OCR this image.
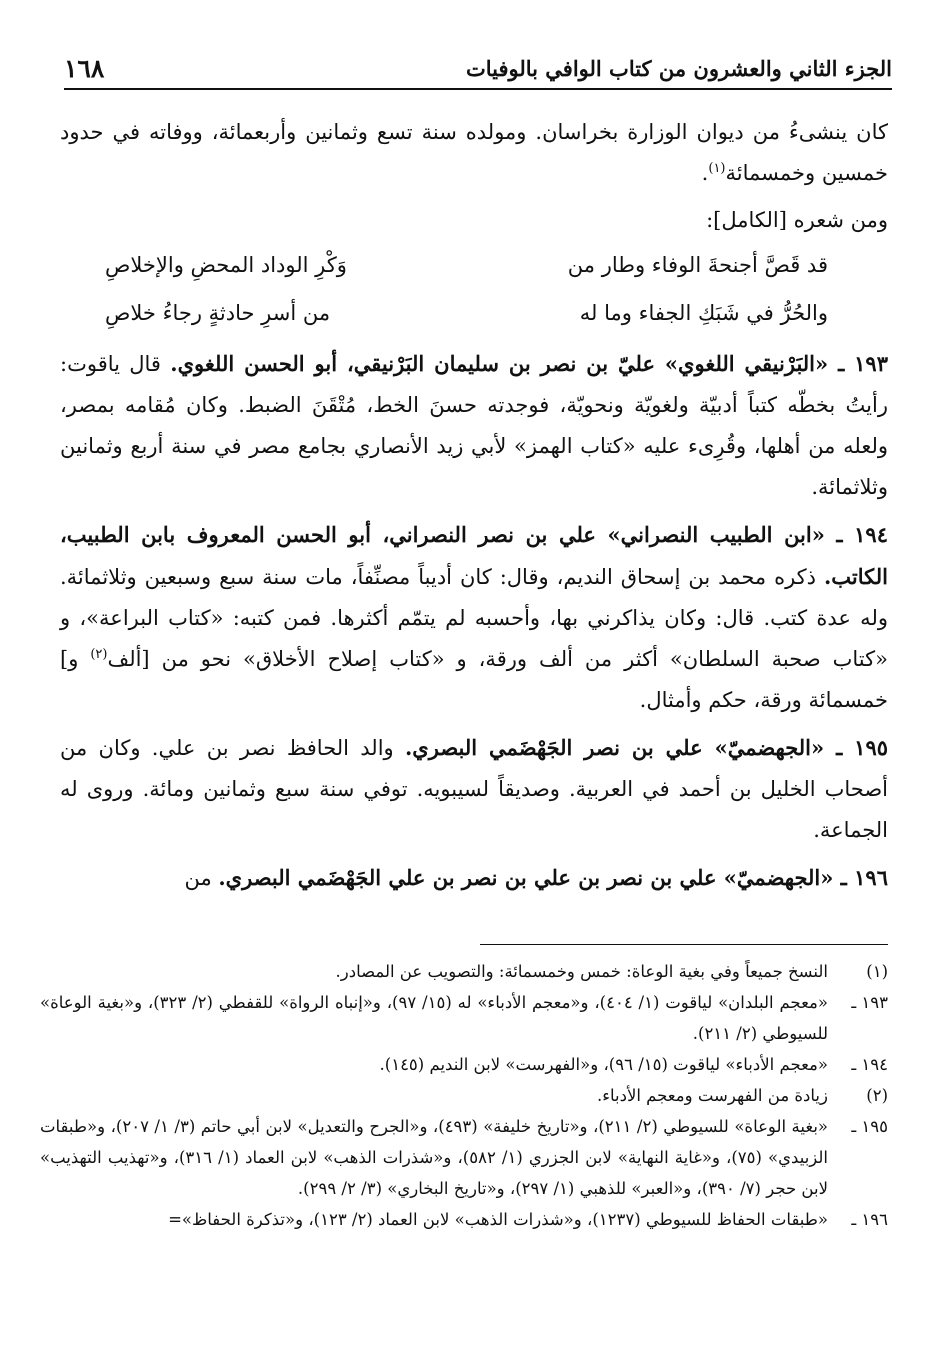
١٦٨	الجزء الثاني والعشرون من كتاب الوافي بالوفيات

كان ينشىءُ من ديوان الوزارة بخراسان. ومولده سنة تسع وثمانين وأربعمائة، ووفاته في حدود خمسين وخمسمائة$^{(١)}$.

ومن شعره [الكامل]:

قد قَصَّ أجنحةَ الوفاء وطار من
وَكْرِ الوداد المحضِ والإخلاصِ
والحُرُّ في شَبَكِ الجفاء وما له
من أسرِ حادثةٍ رجاءُ خلاصِ

١٩٣ ـ «البَرْنيقي اللغوي» عليّ بن نصر بن سليمان البَرْنيقي، أبو الحسن اللغوي. قال ياقوت: رأيتُ بخطّه كتباً أدبيّة ولغويّة ونحويّة، فوجدته حسنَ الخط، مُتْقَنَ الضبط. وكان مُقامه بمصر، ولعله من أهلها، وقُرِىء عليه «كتاب الهمز» لأبي زيد الأنصاري بجامع مصر في سنة أربع وثمانين وثلاثمائة.

١٩٤ ـ «ابن الطبيب النصراني» علي بن نصر النصراني، أبو الحسن المعروف بابن الطبيب، الكاتب. ذكره محمد بن إسحاق النديم، وقال: كان أديباً مصنِّفاً، مات سنة سبع وسبعين وثلاثمائة. وله عدة كتب. قال: وكان يذاكرني بها، وأحسبه لم يتمّم أكثرها. فمن كتبه: «كتاب البراعة»، و «كتاب صحبة السلطان» أكثر من ألف ورقة، و «كتاب إصلاح الأخلاق» نحو من [ألف$^{(٢)}$ و] خمسمائة ورقة، حكم وأمثال.

١٩٥ ـ «الجهضميّ» علي بن نصر الجَهْضَمي البصري. والد الحافظ نصر بن علي. وكان من أصحاب الخليل بن أحمد في العربية. وصديقاً لسيبويه. توفي سنة سبع وثمانين ومائة. وروى له الجماعة.

١٩٦ ـ «الجهضميّ» علي بن نصر بن علي بن نصر بن علي الجَهْضَمي البصري. من

(١)
النسخ جميعاً وفي بغية الوعاة: خمس وخمسمائة: والتصويب عن المصادر.
١٩٣ ـ
«معجم البلدان» لياقوت (١/ ٤٠٤)، و«معجم الأدباء» له (١٥/ ٩٧)، و«إنباه الرواة» للقفطي (٢/ ٣٢٣)، و«بغية الوعاة» للسيوطي (٢/ ٢١١).
١٩٤ ـ
«معجم الأدباء» لياقوت (١٥/ ٩٦)، و«الفهرست» لابن النديم (١٤٥).
(٢)
زيادة من الفهرست ومعجم الأدباء.
١٩٥ ـ
«بغية الوعاة» للسيوطي (٢/ ٢١١)، و«تاريخ خليفة» (٤٩٣)، و«الجرح والتعديل» لابن أبي حاتم (٣/ ١/ ٢٠٧)، و«طبقات الزبيدي» (٧٥)، و«غاية النهاية» لابن الجزري (١/ ٥٨٢)، و«شذرات الذهب» لابن العماد (١/ ٣١٦)، و«تهذيب التهذيب» لابن حجر (٧/ ٣٩٠)، و«العبر» للذهبي (١/ ٢٩٧)، و«تاريخ البخاري» (٣/ ٢/ ٢٩٩).
١٩٦ ـ
«طبقات الحفاظ للسيوطي (١٢٣٧)، و«شذرات الذهب» لابن العماد (٢/ ١٢٣)، و«تذكرة الحفاظ»=
